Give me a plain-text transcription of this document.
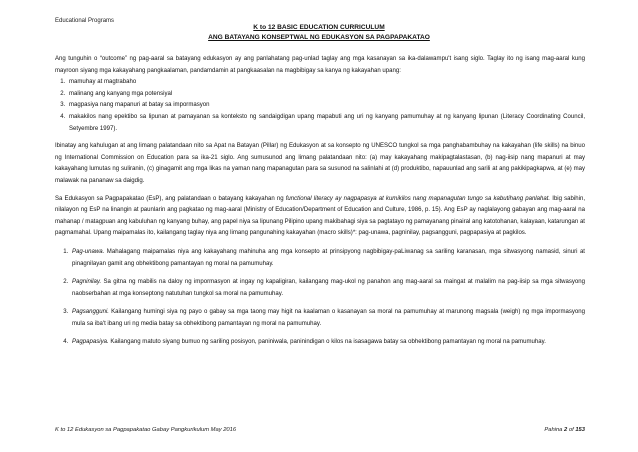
Educational Programs
K to 12 BASIC EDUCATION CURRICULUM
ANG BATAYANG KONSEPTWAL NG EDUKASYON SA PAGPAPAKATAO

Ang tunguhin o “outcome” ng pag-aaral sa batayang edukasyon ay ang panlahatang pag-unlad taglay ang mga kasanayan sa ika-dalawampu't isang siglo. Taglay ito ng isang mag-aaral kung mayroon siyang mga kakayahang pangkaalaman, pandamdamin at pangkaasalan na magbibigay sa kanya ng kakayahan upang:

1. mamuhay at magtrabaho
2. malinang ang kanyang mga potensiyal
3. magpasiya nang mapanuri at batay sa impormasyon
4. makakilos nang epektibo sa lipunan at pamayanan sa konteksto ng sandaigdigan upang mapabuti ang uri ng kanyang pamumuhay at ng kanyang lipunan (Literacy Coordinating Council, Setyembre 1997).

Ibinatay ang kahulugan at ang limang palatandaan nito sa Apat na Batayan (Pillar) ng Edukasyon at sa konsepto ng UNESCO tungkol sa mga panghabambuhay na kakayahan (life skills) na binuo ng International Commission on Education para sa ika-21 siglo. Ang sumusunod ang limang palatandaan nito: (a) may kakayahang makipagtalastasan, (b) nag-iisip nang mapanuri at may kakayahang lumutas ng suliranin, (c) ginagamit ang mga likas na yaman nang mapanagutan para sa susunod na salinlahi at (d) produktibo, napauunlad ang sarili at ang pakikipagkapwa, at (e) may malawak na pananaw sa daigdig.

Sa Edukasyon sa Pagpapakatao (EsP), ang palatandaan o batayang kakayahan ng functional literacy ay nagpapasya at kumikilos nang mapanagutan tungo sa kabutihang panlahat. Ibig sabihin, nilalayon ng EsP na linangin at paunlarin ang pagkatao ng mag-aaral (Ministry of Education/Department of Education and Culture, 1986, p. 15). Ang EsP ay naglalayong gabayan ang mag-aaral na mahanap / matagpuan ang kabuluhan ng kanyang buhay, ang papel niya sa lipunang Pilipino upang makibahagi siya sa pagtatayo ng pamayanang pinairal ang katotohanan, kalayaan, katarungan at pagmamahal. Upang maipamalas ito, kailangang taglay niya ang limang pangunahing kakayahan (macro skills)*: pag-unawa, pagninilay, pagsangguni, pagpapasiya at pagkilos.

1. Pag-unawa. Mahalagang maipamalas niya ang kakayahang mahinuha ang mga konsepto at prinsipyong nagbibigay-paLiwanag sa sariling karanasan, mga sitwasyong namasid, sinuri at pinagnilayan gamit ang obhektibong pamantayan ng moral na pamumuhay.
2. Pagninilay. Sa gitna ng mabilis na daloy ng impormasyon at ingay ng kapaligiran, kailangang mag-ukol ng panahon ang mag-aaral sa maingat at malalim na pag-iisip sa mga sitwasyong naobserbahan at mga konseptong natutuhan tungkol sa moral na pamumuhay.
3. Pagsangguni. Kailangang humingi siya ng payo o gabay sa mga taong may higit na kaalaman o kasanayan sa moral na pamumuhay at marunong magsala (weigh) ng mga impormasyong mula sa iba't ibang uri ng media batay sa obhektibong pamantayan ng moral na pamumuhay.
4. Pagpapasiya. Kailangang matuto siyang bumuo ng sariling posisyon, paniniwala, paninindigan o kilos na isasagawa batay sa obhektibong pamantayan ng moral na pamumuhay.
K to 12 Edukasyon sa Pagpapakatao Gabay Pangkurikulum May 2016	Pahina 2 of 153
